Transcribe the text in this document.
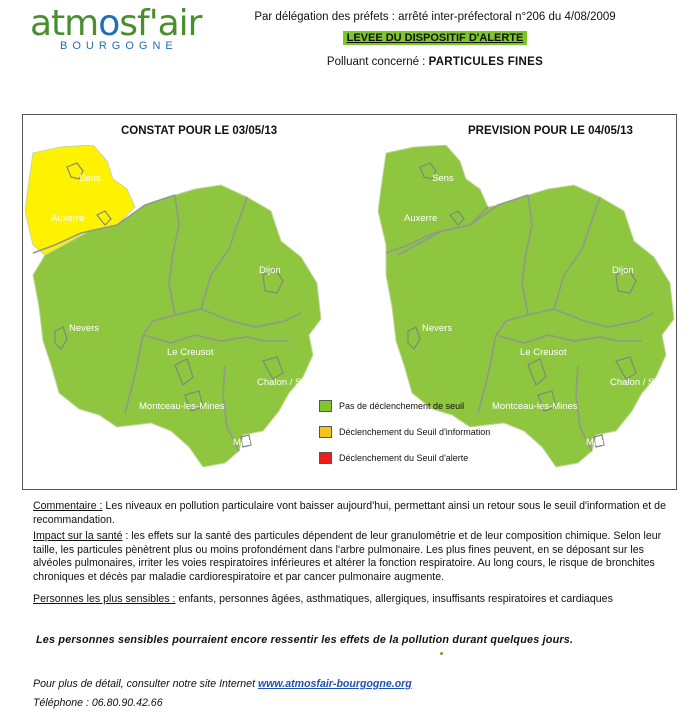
atmosf'air
BOURGOGNE
Par délégation des préfets : arrêté inter-préfectoral n°206 du 4/08/2009
LEVEE DU DISPOSITIF D'ALERTE
Polluant concerné : PARTICULES FINES
CONSTAT POUR LE 03/05/13	PREVISION POUR LE 04/05/13
Sens
Auxerre
Dijon
Nevers
Le Creusot
Chalon / Saône
Montceau-les-Mines
Mâcon
Sens
Auxerre
Dijon
Nevers
Le Creusot
Chalon / Saône
Montceau-les-Mines
Mâcon
Pas de déclenchement de seuil
Déclenchement du Seuil d'information
Déclenchement du Seuil d'alerte
Commentaire : Les niveaux en pollution particulaire vont baisser aujourd'hui, permettant ainsi un retour sous le seuil d'information et de recommandation.
Impact sur la santé : les effets sur la santé des particules dépendent de leur granulométrie et de leur composition chimique. Selon leur taille, les particules pènètrent plus ou moins profondément dans l'arbre pulmonaire. Les plus fines peuvent, en se déposant sur les alvéoles pulmonaires, irriter les voies respiratoires inférieures et altérer la fonction respiratoire. Au long cours, le risque de bronchites chroniques et décès par maladie cardiorespiratoire et par cancer pulmonaire augmente.
Personnes les plus sensibles : enfants, personnes âgées, asthmatiques, allergiques, insuffisants respiratoires et cardiaques
Les personnes sensibles pourraient encore ressentir les effets de la pollution durant quelques jours.
Pour plus de détail, consulter notre site Internet www.atmosfair-bourgogne.org
Téléphone : 06.80.90.42.66
